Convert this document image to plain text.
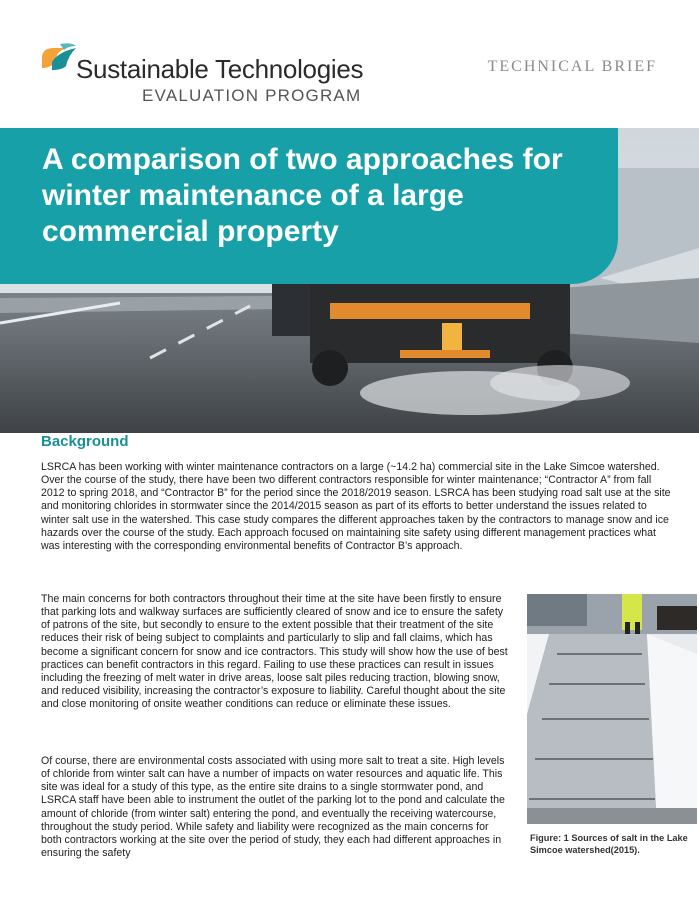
Sustainable Technologies
EVALUATION PROGRAM
TECHNICAL BRIEF
A comparison of two approaches for winter maintenance of a large commercial property
Background

LSRCA has been working with winter maintenance contractors on a large (~14.2 ha) commercial site in the Lake Simcoe watershed. Over the course of the study, there have been two different contractors responsible for winter maintenance; “Contractor A” from fall 2012 to spring 2018, and “Contractor B” for the period since the 2018/2019 season. LSRCA has been studying road salt use at the site and monitoring chlorides in stormwater since the 2014/2015 season as part of its efforts to better understand the issues related to winter salt use in the watershed. This case study compares the different approaches taken by the contractors to manage snow and ice hazards over the course of the study. Each approach focused on maintaining site safety using different management practices what was interesting with the corresponding environmental benefits of Contractor B’s approach.

The main concerns for both contractors throughout their time at the site have been firstly to ensure that parking lots and walkway surfaces are sufficiently cleared of snow and ice to ensure the safety of patrons of the site, but secondly to ensure to the extent possible that their treatment of the site reduces their risk of being subject to complaints and particularly to slip and fall claims, which has become a significant concern for snow and ice contractors. This study will show how the use of best practices can benefit contractors in this regard. Failing to use these practices can result in issues including the freezing of melt water in drive areas, loose salt piles reducing traction, blowing snow, and reduced visibility, increasing the contractor’s exposure to liability. Careful thought about the site and close monitoring of onsite weather conditions can reduce or eliminate these issues.

Of course, there are environmental costs associated with using more salt to treat a site. High levels of chloride from winter salt can have a number of impacts on water resources and aquatic life. This site was ideal for a study of this type, as the entire site drains to a single stormwater pond, and LSRCA staff have been able to instrument the outlet of the parking lot to the pond and calculate the amount of chloride (from winter salt) entering the pond, and eventually the receiving watercourse, throughout the study period. While safety and liability were recognized as the main concerns for both contractors working at the site over the period of study, they each had different approaches in ensuring the safety

Figure: 1 Sources of salt in the Lake Simcoe watershed(2015).
